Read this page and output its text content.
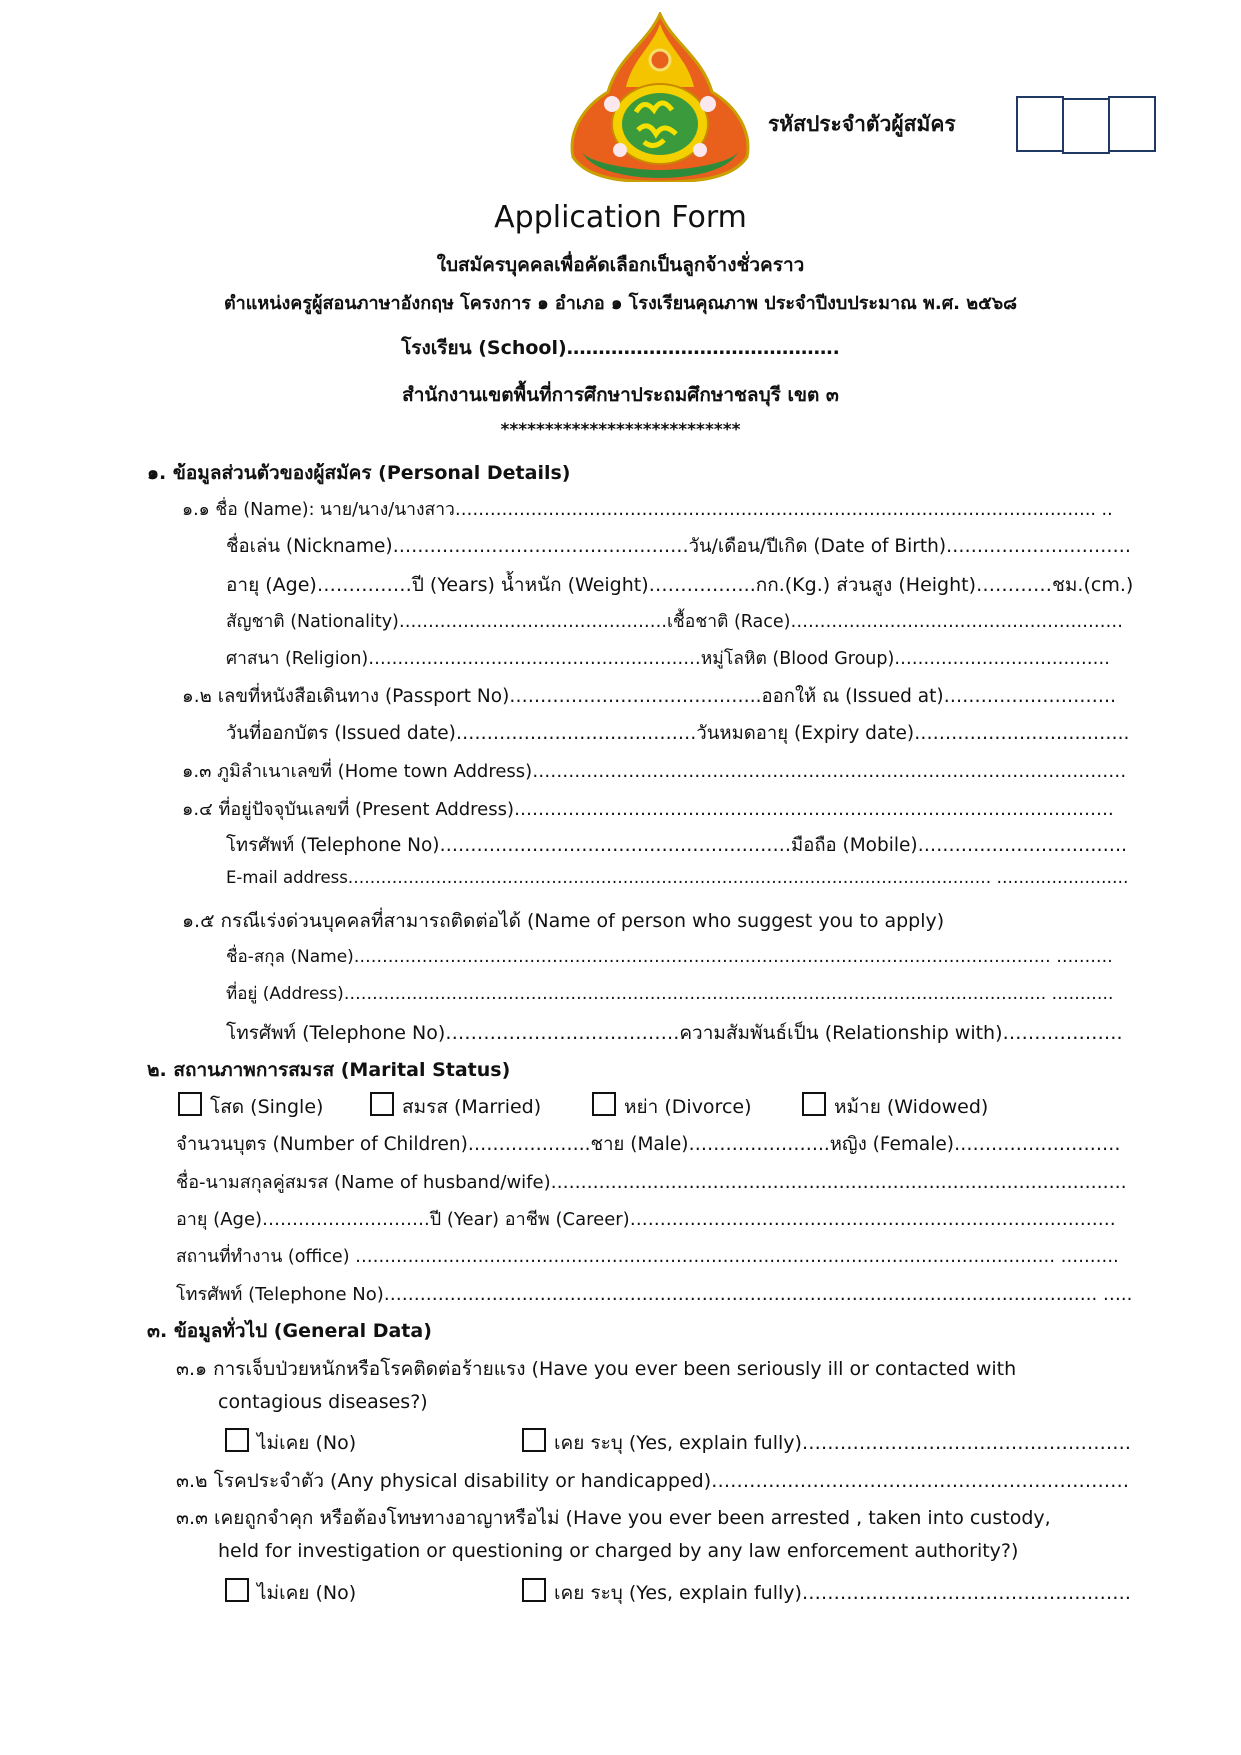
รหัสประจำตัวผู้สมัคร
Application Form
ใบสมัครบุคคลเพื่อคัดเลือกเป็นลูกจ้างชั่วคราว
ตำแหน่งครูผู้สอนภาษาอังกฤษ โครงการ ๑ อำเภอ ๑ โรงเรียนคุณภาพ ประจำปีงบประมาณ พ.ศ. ๒๕๖๘
โรงเรียน (School)…………………………………….
สำนักงานเขตพื้นที่การศึกษาประถมศึกษาชลบุรี เขต ๓
***************************
๑. ข้อมูลส่วนตัวของผู้สมัคร (Personal Details)
๑.๑ ชื่อ (Name): นาย/นาง/นางสาว……………………………………………………………………………………………….. ..
ชื่อเล่น (Nickname)…………………………………………วัน/เดือน/ปีเกิด (Date of Birth)…………………………
อายุ (Age)……………ปี (Years) น้ำหนัก (Weight)……………..กก.(Kg.) ส่วนสูง (Height)…………ชม.(cm.)
สัญชาติ (Nationality)……………………………………….เชื้อชาติ (Race)…………………………………………………
ศาสนา (Religion)…………………………………………………หมู่โลหิต (Blood Group)……………………………….
๑.๒ เลขที่หนังสือเดินทาง (Passport No)…………………………………..ออกให้ ณ (Issued at)……………………….
วันที่ออกบัตร (Issued date)…………………………………วันหมดอายุ (Expiry date)……………………………..
๑.๓ ภูมิลำเนาเลขที่ (Home town Address)………………………………………………………………………………………
๑.๔ ที่อยู่ปัจจุบันเลขที่ (Present Address)……………………………………………………………………………………….
โทรศัพท์ (Telephone No)…………………………………………………มือถือ (Mobile)…………………………….
E-mail address……………………………………………………………………………………………………… ……………………
๑.๕ กรณีเร่งด่วนบุคคลที่สามารถติดต่อได้ (Name of person who suggest you to apply)
ชื่อ-สกุล (Name)…………………………………………………………………………………………………………… ……….
ที่อยู่ (Address)……………………………………………………………………………………………………………. ………..
โทรศัพท์ (Telephone No)……………………………….ความสัมพันธ์เป็น (Relationship with)……………….
๒. สถานภาพการสมรส (Marital Status)
โสด (Single)	สมรส (Married)	หย่า (Divorce)	หม้าย (Widowed)
จำนวนบุตร (Number of Children)………………..ชาย (Male)…………………..หญิง (Female)………………………
ชื่อ-นามสกุลคู่สมรส (Name of husband/wife)……………………………………………………………………………………
อายุ (Age)……………………….ปี (Year) อาชีพ (Career)………………………………………………………………………
สถานที่ทำงาน (office) ………………………………………………………………………………………………………… ……….
โทรศัพท์ (Telephone No)……………………………………………………………………………………………………….. …..
๓. ข้อมูลทั่วไป (General Data)
๓.๑ การเจ็บป่วยหนักหรือโรคติดต่อร้ายแรง (Have you ever been seriously ill or contacted with
contagious diseases?)
ไม่เคย (No)	เคย ระบุ (Yes, explain fully)…………………………………………….
๓.๒ โรคประจำตัว (Any physical disability or handicapped)…………………………………………………………
๓.๓ เคยถูกจำคุก หรือต้องโทษทางอาญาหรือไม่ (Have you ever been arrested , taken into custody,
held for investigation or questioning or charged by any law enforcement authority?)
ไม่เคย (No)	เคย ระบุ (Yes, explain fully)…………………………………………….
